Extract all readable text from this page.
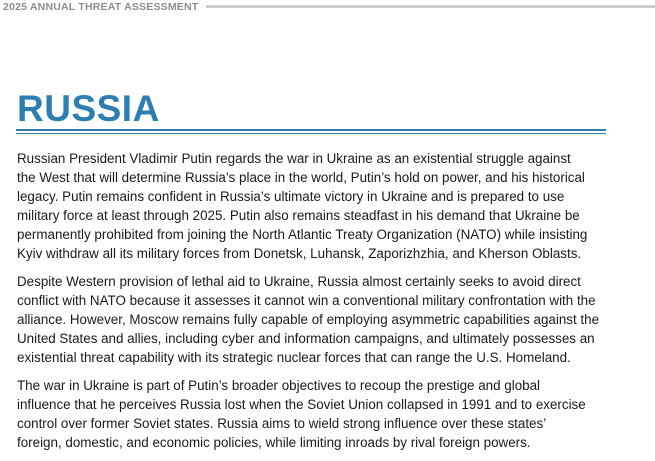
2025 ANNUAL THREAT ASSESSMENT
RUSSIA

Russian President Vladimir Putin regards the war in Ukraine as an existential struggle against
the West that will determine Russia’s place in the world, Putin’s hold on power, and his historical
legacy. Putin remains confident in Russia’s ultimate victory in Ukraine and is prepared to use
military force at least through 2025. Putin also remains steadfast in his demand that Ukraine be
permanently prohibited from joining the North Atlantic Treaty Organization (NATO) while insisting
Kyiv withdraw all its military forces from Donetsk, Luhansk, Zaporizhzhia, and Kherson Oblasts.

Despite Western provision of lethal aid to Ukraine, Russia almost certainly seeks to avoid direct
conflict with NATO because it assesses it cannot win a conventional military confrontation with the
alliance. However, Moscow remains fully capable of employing asymmetric capabilities against the
United States and allies, including cyber and information campaigns, and ultimately possesses an
existential threat capability with its strategic nuclear forces that can range the U.S. Homeland.

The war in Ukraine is part of Putin’s broader objectives to recoup the prestige and global
influence that he perceives Russia lost when the Soviet Union collapsed in 1991 and to exercise
control over former Soviet states. Russia aims to wield strong influence over these states’
foreign, domestic, and economic policies, while limiting inroads by rival foreign powers.
